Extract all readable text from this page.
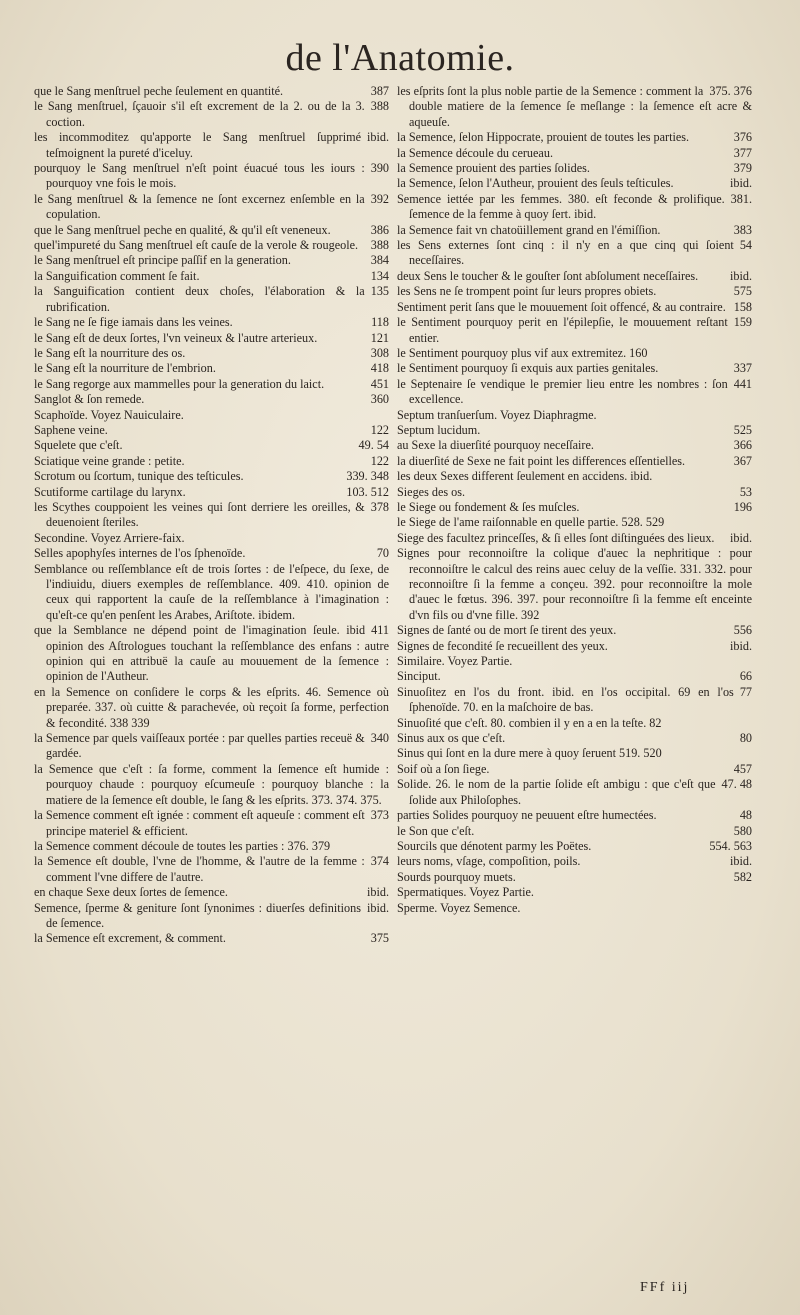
de l'Anatomie.

387
que le Sang menſtruel peche ſeulement en quantité.

388
le Sang menſtruel, ſçauoir s'il eſt excrement de la 2. ou de la 3. coction.

ibid.
les incommoditez qu'apporte le Sang menſtruel ſupprimé teſmoignent la pureté d'iceluy.

390
pourquoy le Sang menſtruel n'eſt point éuacué tous les iours : pourquoy vne fois le mois.

392
le Sang menſtruel & la ſemence ne ſont excernez enſemble en la copulation.

386
que le Sang menſtruel peche en qualité, & qu'il eſt veneneux.

388
quel'impureté du Sang menſtruel eſt cauſe de la verole & rougeole.

384
le Sang menſtruel eſt principe paſſif en la generation.

134
la Sanguification comment ſe fait.

135
la Sanguification contient deux choſes, l'élaboration & la rubrification.

118
le Sang ne ſe fige iamais dans les veines.

121
le Sang eſt de deux ſortes, l'vn veineux & l'autre arterieux.

308
le Sang eſt la nourriture des os.

418
le Sang eſt la nourriture de l'embrion.

451
le Sang regorge aux mammelles pour la generation du laict.

360
Sanglot & ſon remede.

Scaphoïde. Voyez Nauiculaire.

122
Saphene veine.

49. 54
Squelete que c'eſt.

122
Sciatique veine grande : petite.

339. 348
Scrotum ou ſcortum, tunique des teſticules.

103. 512
Scutiforme cartilage du larynx.

378
les Scythes couppoient les veines qui ſont derriere les oreilles, & deuenoient ſteriles.

Secondine. Voyez Arriere-faix.

70
Selles apophyſes internes de l'os ſphenoïde.

Semblance ou reſſemblance eſt de trois ſortes : de l'eſpece, du ſexe, de l'indiuidu, diuers exemples de reſſemblance. 409. 410. opinion de ceux qui rapportent la cauſe de la reſſemblance à l'imagination : qu'eſt-ce qu'en penſent les Arabes, Ariſtote. ibidem.

411
que la Semblance ne dépend point de l'imagination ſeule. ibid opinion des Aſtrologues touchant la reſſemblance des enfans : autre opinion qui en attribuë la cauſe au mouuement de la ſemence : opinion de l'Autheur.

en la Semence on conſidere le corps & les eſprits. 46. Semence où preparée. 337. où cuitte & parachevée, où reçoit ſa forme, perfection & fecondité. 338 339

340
la Semence par quels vaiſſeaux portée : par quelles parties receuë & gardée.

la Semence que c'eſt : ſa forme, comment la ſemence eſt humide : pourquoy chaude : pourquoy eſcumeuſe : pourquoy blanche : la matiere de la ſemence eſt double, le ſang & les eſprits. 373. 374. 375.

373
la Semence comment eſt ignée : comment eſt aqueuſe : comment eſt principe materiel & efficient.

la Semence comment découle de toutes les parties : 376. 379

374
la Semence eſt double, l'vne de l'homme, & l'autre de la femme : comment l'vne differe de l'autre.

ibid.
en chaque Sexe deux ſortes de ſemence.

ibid.
Semence, ſperme & geniture ſont ſynonimes : diuerſes definitions de ſemence.

375
la Semence eſt excrement, & comment.

375. 376
les eſprits ſont la plus noble partie de la Semence : comment la double matiere de la ſemence ſe meſlange : la ſemence eſt acre & aqueuſe.

376
la Semence, ſelon Hippocrate, prouient de toutes les parties.

377
la Semence découle du cerueau.

379
la Semence prouient des parties ſolides.

ibid.
la Semence, ſelon l'Autheur, prouient des ſeuls teſticules.

Semence iettée par les femmes. 380. eſt feconde & prolifique. 381. ſemence de la femme à quoy ſert. ibid.

383
la Semence fait vn chatoüillement grand en l'émiſſion.

54
les Sens externes ſont cinq : il n'y en a que cinq qui ſoient neceſſaires.

ibid.
deux Sens le toucher & le gouſter ſont abſolument neceſſaires.

575
les Sens ne ſe trompent point ſur leurs propres obiets.

158
Sentiment perit ſans que le mouuement ſoit offencé, & au contraire.

159
le Sentiment pourquoy perit en l'épilepſie, le mouuement reſtant entier.

le Sentiment pourquoy plus vif aux extremitez. 160

337
le Sentiment pourquoy ſi exquis aux parties genitales.

441
le Septenaire ſe vendique le premier lieu entre les nombres : ſon excellence.

Septum tranſuerſum. Voyez Diaphragme.

525
Septum lucidum.

366
au Sexe la diuerſité pourquoy neceſſaire.

367
la diuerſité de Sexe ne fait point les differences eſſentielles.

les deux Sexes different ſeulement en accidens. ibid.

53
Sieges des os.

196
le Siege ou fondement & ſes muſcles.

le Siege de l'ame raiſonnable en quelle partie. 528. 529

ibid.
Siege des facultez princeſſes, & ſi elles ſont diſtinguées des lieux.

Signes pour reconnoiſtre la colique d'auec la nephritique : pour reconnoiſtre le calcul des reins auec celuy de la veſſie. 331. 332. pour reconnoiſtre ſi la femme a conçeu. 392. pour reconnoiſtre la mole d'auec le fœtus. 396. 397. pour reconnoiſtre ſi la femme eſt enceinte d'vn fils ou d'vne fille. 392

556
Signes de ſanté ou de mort ſe tirent des yeux.

ibid.
Signes de fecondité ſe recueillent des yeux.

Similaire. Voyez Partie.

66
Sinciput.

77
Sinuoſitez en l'os du front. ibid. en l'os occipital. 69 en l'os ſphenoïde. 70. en la maſchoire de bas.

Sinuoſité que c'eſt. 80. combien il y en a en la teſte. 82

80
Sinus aux os que c'eſt.

Sinus qui ſont en la dure mere à quoy ſeruent 519. 520

457
Soif où a ſon ſiege.

47. 48
Solide. 26. le nom de la partie ſolide eſt ambigu : que c'eſt que ſolide aux Philoſophes.

48
parties Solides pourquoy ne peuuent eſtre humectées.

580
le Son que c'eſt.

554. 563
Sourcils que dénotent parmy les Poëtes.

ibid.
leurs noms, vſage, compoſition, poils.

582
Sourds pourquoy muets.

Spermatiques. Voyez Partie.

Sperme. Voyez Semence.

FFf iij
